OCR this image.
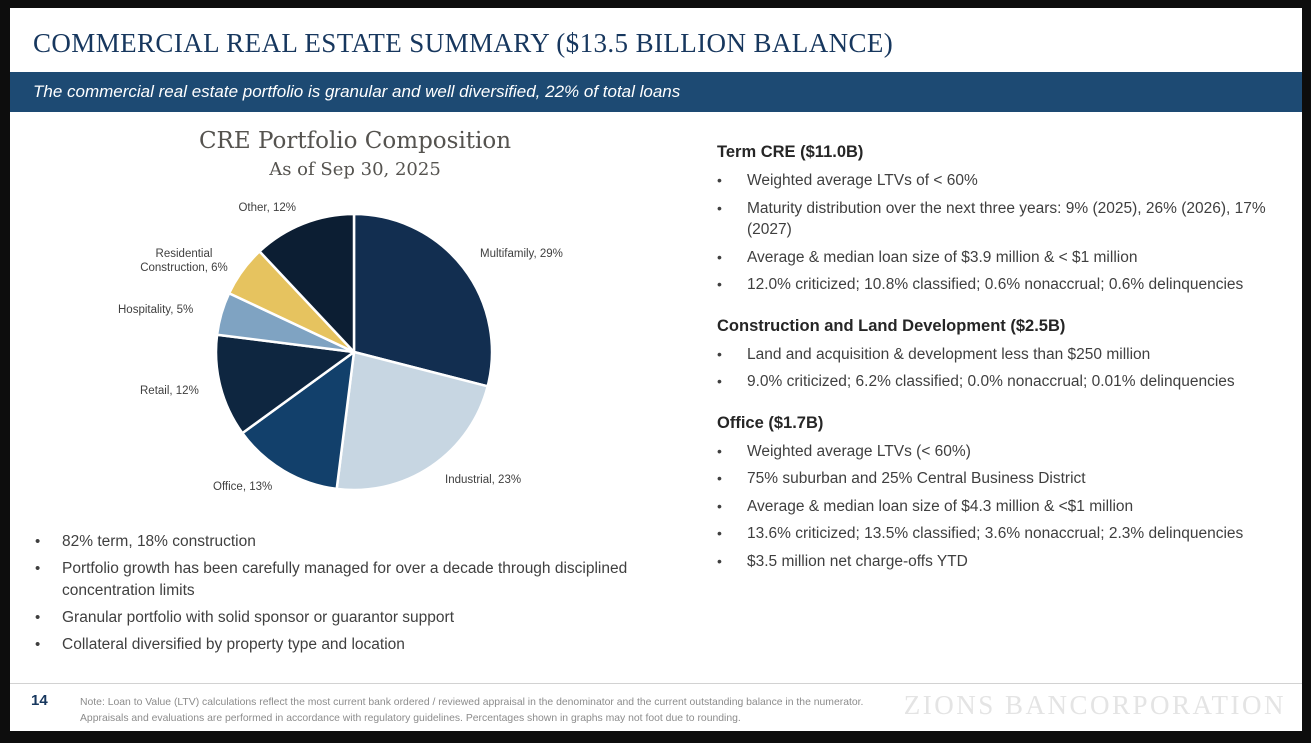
COMMERCIAL REAL ESTATE SUMMARY ($13.5 BILLION BALANCE)
The commercial real estate portfolio is granular and well diversified, 22% of total loans
CRE Portfolio Composition
As of Sep 30, 2025
Multifamily, 29%
Industrial, 23%
Office, 13%
Retail, 12%
Hospitality, 5%
Residential Construction, 6%
Other, 12%
•	82% term, 18% construction
•	Portfolio growth has been carefully managed for over a decade through disciplined concentration limits
•	Granular portfolio with solid sponsor or guarantor support
•	Collateral diversified by property type and location
Term CRE ($11.0B)
•	Weighted average LTVs of < 60%
•	Maturity distribution over the next three years: 9% (2025), 26% (2026), 17% (2027)
•	Average & median loan size of $3.9 million & < $1 million
•	12.0% criticized; 10.8% classified; 0.6% nonaccrual; 0.6% delinquencies
Construction and Land Development ($2.5B)
•	Land and acquisition & development less than $250 million
•	9.0% criticized; 6.2% classified; 0.0% nonaccrual; 0.01% delinquencies
Office ($1.7B)
•	Weighted average LTVs (< 60%)
•	75% suburban and 25% Central Business District
•	Average & median loan size of $4.3 million & <$1 million
•	13.6% criticized; 13.5% classified; 3.6% nonaccrual; 2.3% delinquencies
•	$3.5 million net charge-offs YTD
14	Note: Loan to Value (LTV) calculations reflect the most current bank ordered / reviewed appraisal in the denominator and the current outstanding balance in the numerator. Appraisals and evaluations are performed in accordance with regulatory guidelines. Percentages shown in graphs may not foot due to rounding.	ZIONS BANCORPORATION
